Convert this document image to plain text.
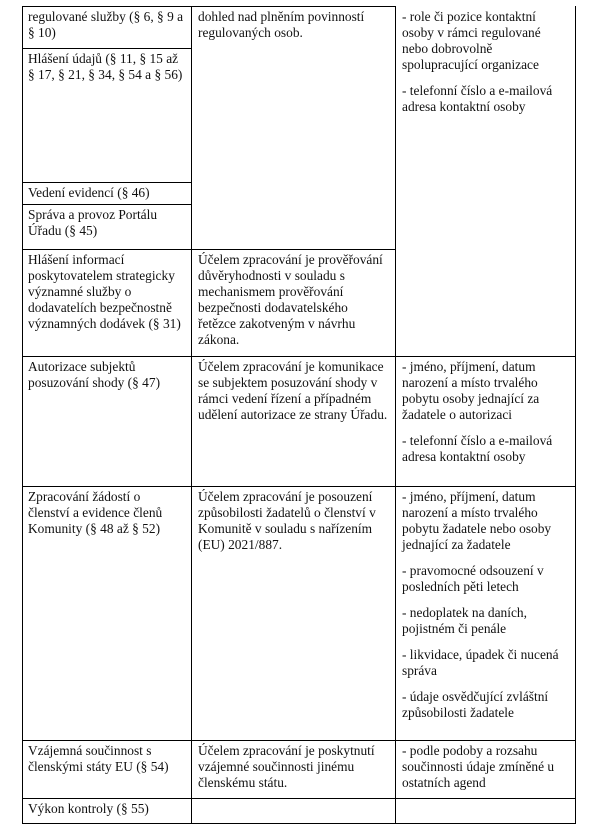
regulované služby (§ 6, § 9 a § 10)
Hlášení údajů (§ 11, § 15 až § 17, § 21, § 34, § 54 a § 56)
Vedení evidencí (§ 46)
Správa a provoz Portálu Úřadu (§ 45)
Hlášení informací poskytovatelem strategicky významné služby o dodavatelích bezpečnostně významných dodávek (§ 31)
Autorizace subjektů posuzování shody (§ 47)
Zpracování žádostí o členství a evidence členů Komunity (§ 48 až § 52)
Vzájemná součinnost s členskými státy EU (§ 54)
Výkon kontroly (§ 55)
dohled nad plněním povinností regulovaných osob.
Účelem zpracování je prověřování důvěryhodnosti v souladu s mechanismem prověřování bezpečnosti dodavatelského řetězce zakotveným v návrhu zákona.
Účelem zpracování je komunikace se subjektem posuzování shody v rámci vedení řízení a případném udělení autorizace ze strany Úřadu.
Účelem zpracování je posouzení způsobilosti žadatelů o členství v Komunitě v souladu s nařízením (EU) 2021/887.
Účelem zpracování je poskytnutí vzájemné součinnosti jinému členskému státu.
- role či pozice kontaktní osoby v rámci regulované nebo dobrovolně spolupracující organizace
- telefonní číslo a e-mailová adresa kontaktní osoby
- jméno, příjmení, datum narození a místo trvalého pobytu osoby jednající za žadatele o autorizaci
- telefonní číslo a e-mailová adresa kontaktní osoby
- jméno, příjmení, datum narození a místo trvalého pobytu žadatele nebo osoby jednající za žadatele
- pravomocné odsouzení v posledních pěti letech
- nedoplatek na daních, pojistném či penále
- likvidace, úpadek či nucená správa
- údaje osvědčující zvláštní způsobilosti žadatele
- podle podoby a rozsahu součinnosti údaje zmíněné u ostatních agend
